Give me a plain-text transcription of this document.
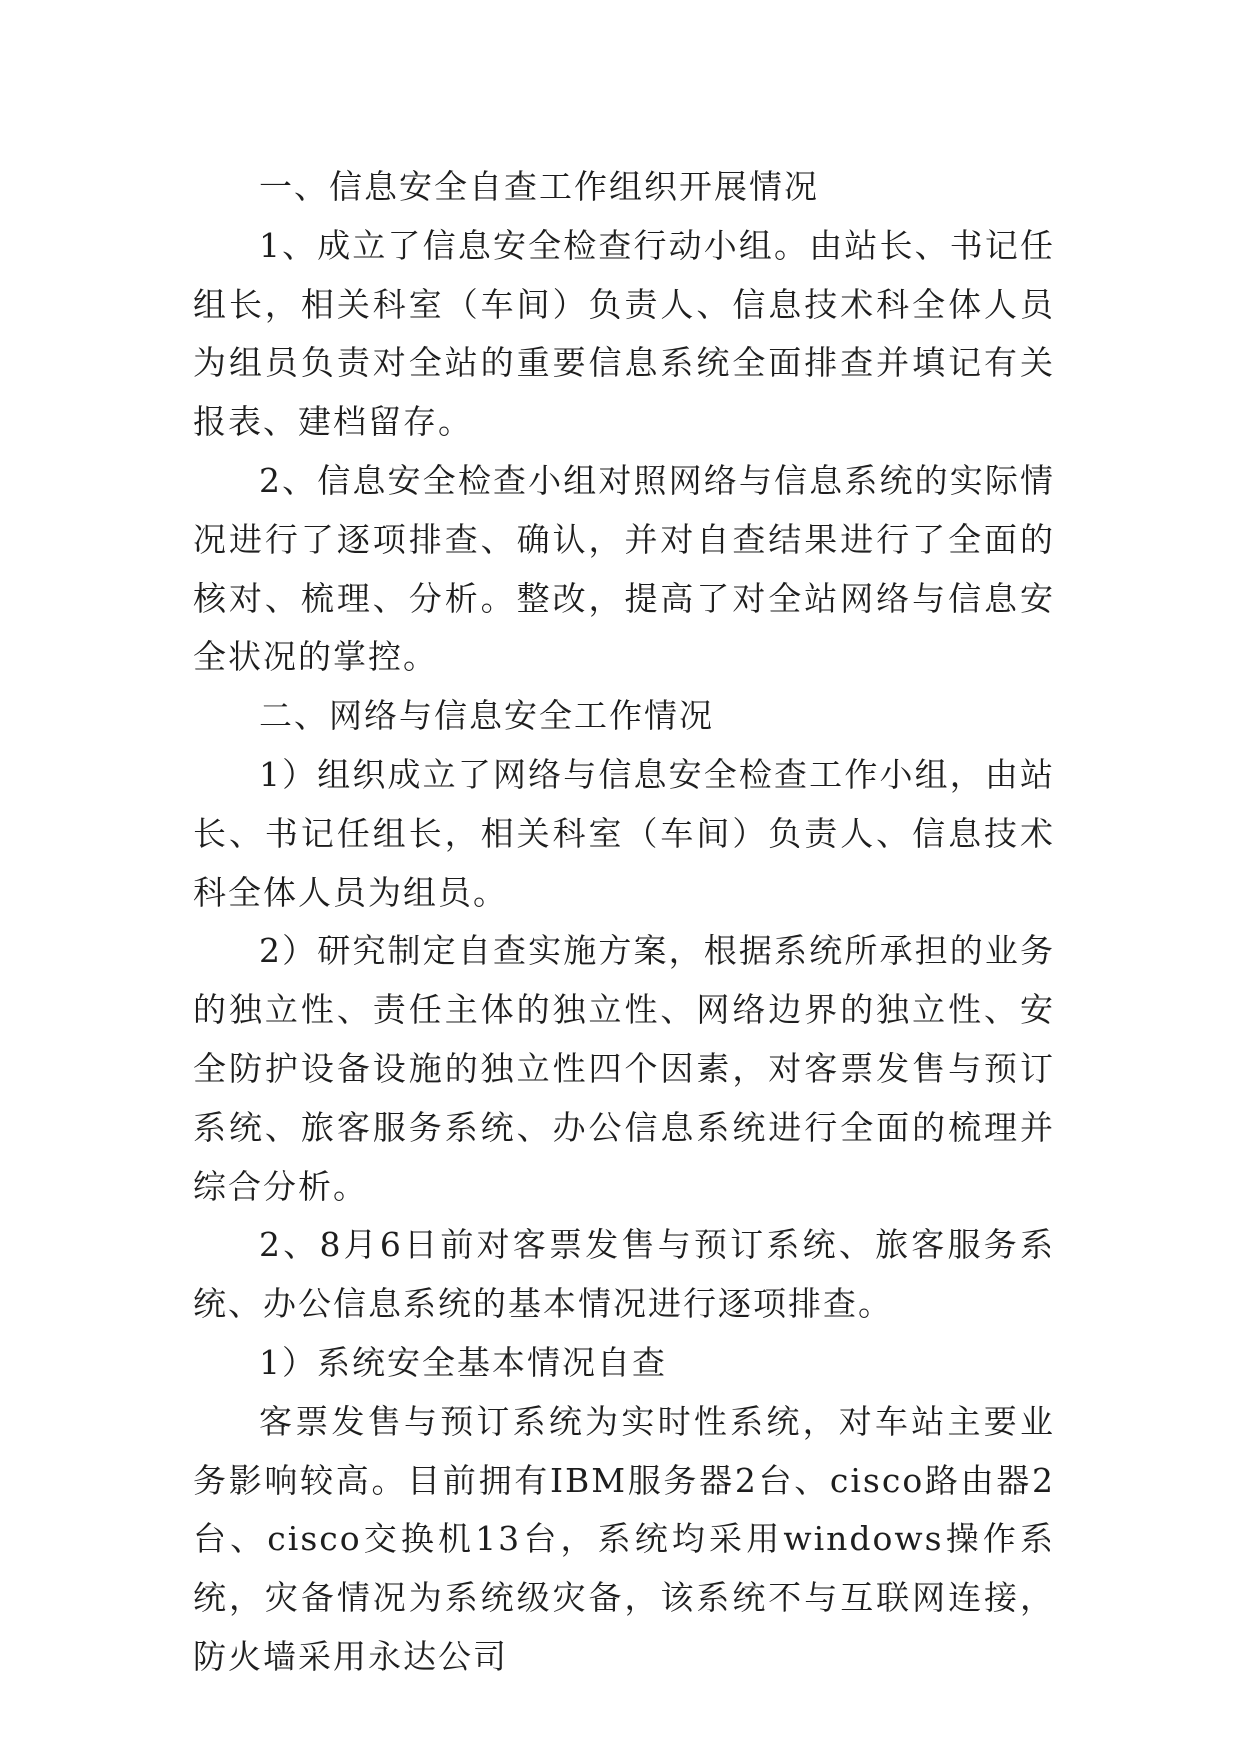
一、信息安全自查工作组织开展情况

1、成立了信息安全检查行动小组。由站长、书记任组长，相关科室（车间）负责人、信息技术科全体人员为组员负责对全站的重要信息系统全面排查并填记有关报表、建档留存。

2、信息安全检查小组对照网络与信息系统的实际情况进行了逐项排查、确认，并对自查结果进行了全面的核对、梳理、分析。整改，提高了对全站网络与信息安全状况的掌控。

二、网络与信息安全工作情况

1）组织成立了网络与信息安全检查工作小组，由站长、书记任组长，相关科室（车间）负责人、信息技术科全体人员为组员。

2）研究制定自查实施方案，根据系统所承担的业务的独立性、责任主体的独立性、网络边界的独立性、安全防护设备设施的独立性四个因素，对客票发售与预订系统、旅客服务系统、办公信息系统进行全面的梳理并综合分析。

2、8月6日前对客票发售与预订系统、旅客服务系统、办公信息系统的基本情况进行逐项排查。

1）系统安全基本情况自查

客票发售与预订系统为实时性系统，对车站主要业务影响较高。目前拥有IBM服务器2台、cisco路由器2台、cisco交换机13台，系统均采用windows操作系统，灾备情况为系统级灾备，该系统不与互联网连接，防火墙采用永达公司
